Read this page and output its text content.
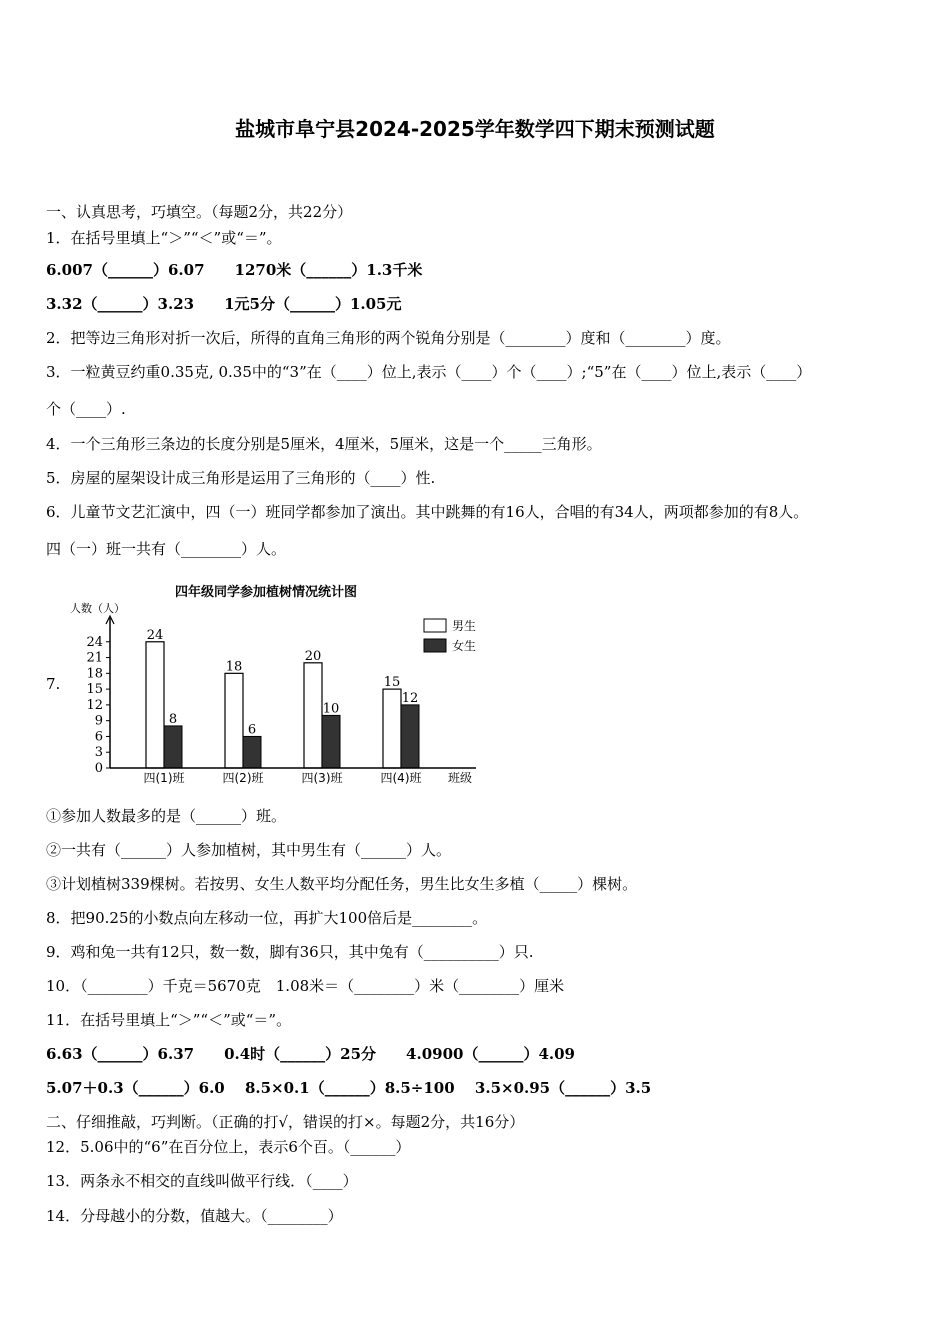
盐城市阜宁县2024-2025学年数学四下期末预测试题
一、认真思考，巧填空。（每题2分，共22分）
1．在括号里填上“＞”“＜”或“＝”。
6.007（______）6.07　　1270米（______）1.3千米
3.32（______）3.23　　1元5分（______）1.05元
2．把等边三角形对折一次后，所得的直角三角形的两个锐角分别是（________）度和（________）度。
3．一粒黄豆约重0.35克, 0.35中的“3”在（____）位上,表示（____）个（____）;“5”在（____）位上,表示（____）
个（____）.
4．一个三角形三条边的长度分别是5厘米，4厘米，5厘米，这是一个_____三角形。
5．房屋的屋架设计成三角形是运用了三角形的（____）性.
6．儿童节文艺汇演中，四（一）班同学都参加了演出。其中跳舞的有16人，合唱的有34人，两项都参加的有8人。
四（一）班一共有（________）人。
7.
四年级同学参加植树情况统计图
人数（人）
0
3
6
9
12
15
18
21
24	24
8
18
6
20
10
15
12
四(1)班	四(2)班	四(3)班	四(4)班
男生
女生
班级
①参加人数最多的是（______）班。
②一共有（______）人参加植树，其中男生有（______）人。
③计划植树339棵树。若按男、女生人数平均分配任务，男生比女生多植（_____）棵树。
8．把90.25的小数点向左移动一位，再扩大100倍后是________。
9．鸡和兔一共有12只，数一数，脚有36只，其中兔有（__________）只.
10．（________）千克＝5670克　1.08米＝（________）米（________）厘米
11．在括号里填上“＞”“＜”或“＝”。
6.63（______）6.37　　0.4时（______）25分　　4.0900（______）4.09
5.07＋0.3（______）6.0　 8.5×0.1（______）8.5÷100　 3.5×0.95（______）3.5
二、仔细推敲，巧判断。（正确的打√，错误的打×。每题2分，共16分）
12．5.06中的“6”在百分位上，表示6个百。（______）
13．两条永不相交的直线叫做平行线．（____）
14．分母越小的分数，值越大。（________）
